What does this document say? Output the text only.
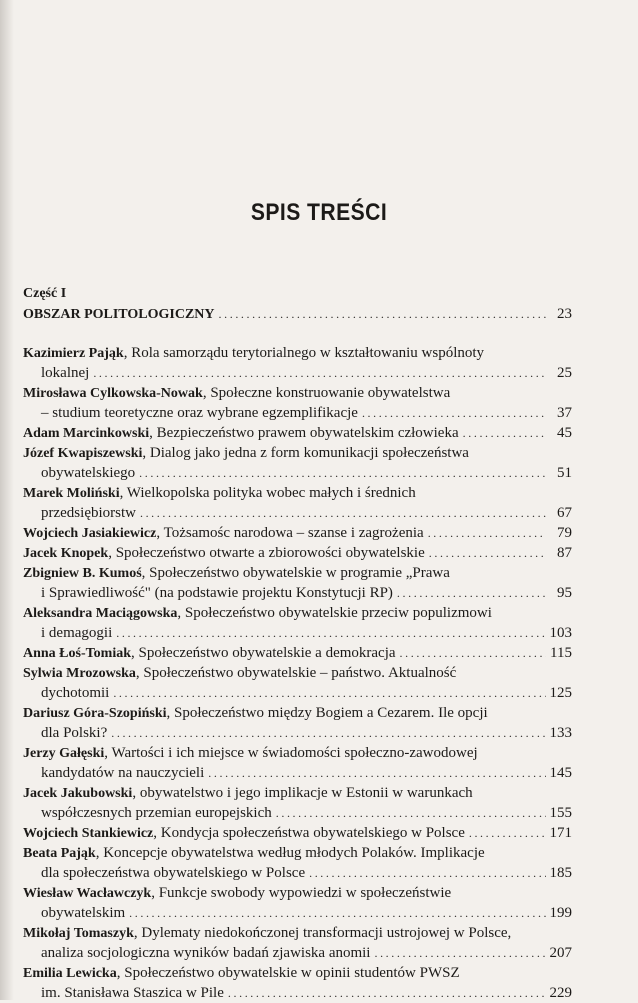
SPIS TREŚCI
Część I
OBSZAR POLITOLOGICZNY .....	23
Kazimierz Pająk, Rola samorządu terytorialnego w kształtowaniu wspólnoty
lokalnej .....	25
Mirosława Cylkowska-Nowak, Społeczne konstruowanie obywatelstwa
– studium teoretyczne oraz wybrane egzemplifikacje .....	37
Adam Marcinkowski, Bezpieczeństwo prawem obywatelskim człowieka .....	45
Józef Kwapiszewski, Dialog jako jedna z form komunikacji społeczeństwa
obywatelskiego .....	51
Marek Moliński, Wielkopolska polityka wobec małych i średnich
przedsiębiorstw .....	67
Wojciech Jasiakiewicz, Tożsamośc narodowa – szanse i zagrożenia .....	79
Jacek Knopek, Społeczeństwo otwarte a zbiorowości obywatelskie .....	87
Zbigniew B. Kumoś, Społeczeństwo obywatelskie w programie „Prawa
i Sprawiedliwość" (na podstawie projektu Konstytucji RP) .....	95
Aleksandra Maciągowska, Społeczeństwo obywatelskie przeciw populizmowi
i demagogii .....	103
Anna Łoś-Tomiak, Społeczeństwo obywatelskie a demokracja .....	115
Sylwia Mrozowska, Społeczeństwo obywatelskie – państwo. Aktualność
dychotomii .....	125
Dariusz Góra-Szopiński, Społeczeństwo między Bogiem a Cezarem. Ile opcji
dla Polski? .....	133
Jerzy Gałęski, Wartości i ich miejsce w świadomości społeczno-zawodowej
kandydatów na nauczycieli .....	145
Jacek Jakubowski, obywatelstwo i jego implikacje w Estonii w warunkach
współczesnych przemian europejskich .....	155
Wojciech Stankiewicz, Kondycja społeczeństwa obywatelskiego w Polsce .....	171
Beata Pająk, Koncepcje obywatelstwa według młodych Polaków. Implikacje
dla społeczeństwa obywatelskiego w Polsce .....	185
Wiesław Wacławczyk, Funkcje swobody wypowiedzi w społeczeństwie
obywatelskim .....	199
Mikołaj Tomaszyk, Dylematy niedokończonej transformacji ustrojowej w Polsce,
analiza socjologiczna wyników badań zjawiska anomii .....	207
Emilia Lewicka, Społeczeństwo obywatelskie w opinii studentów PWSZ
im. Stanisława Staszica w Pile .....	229
